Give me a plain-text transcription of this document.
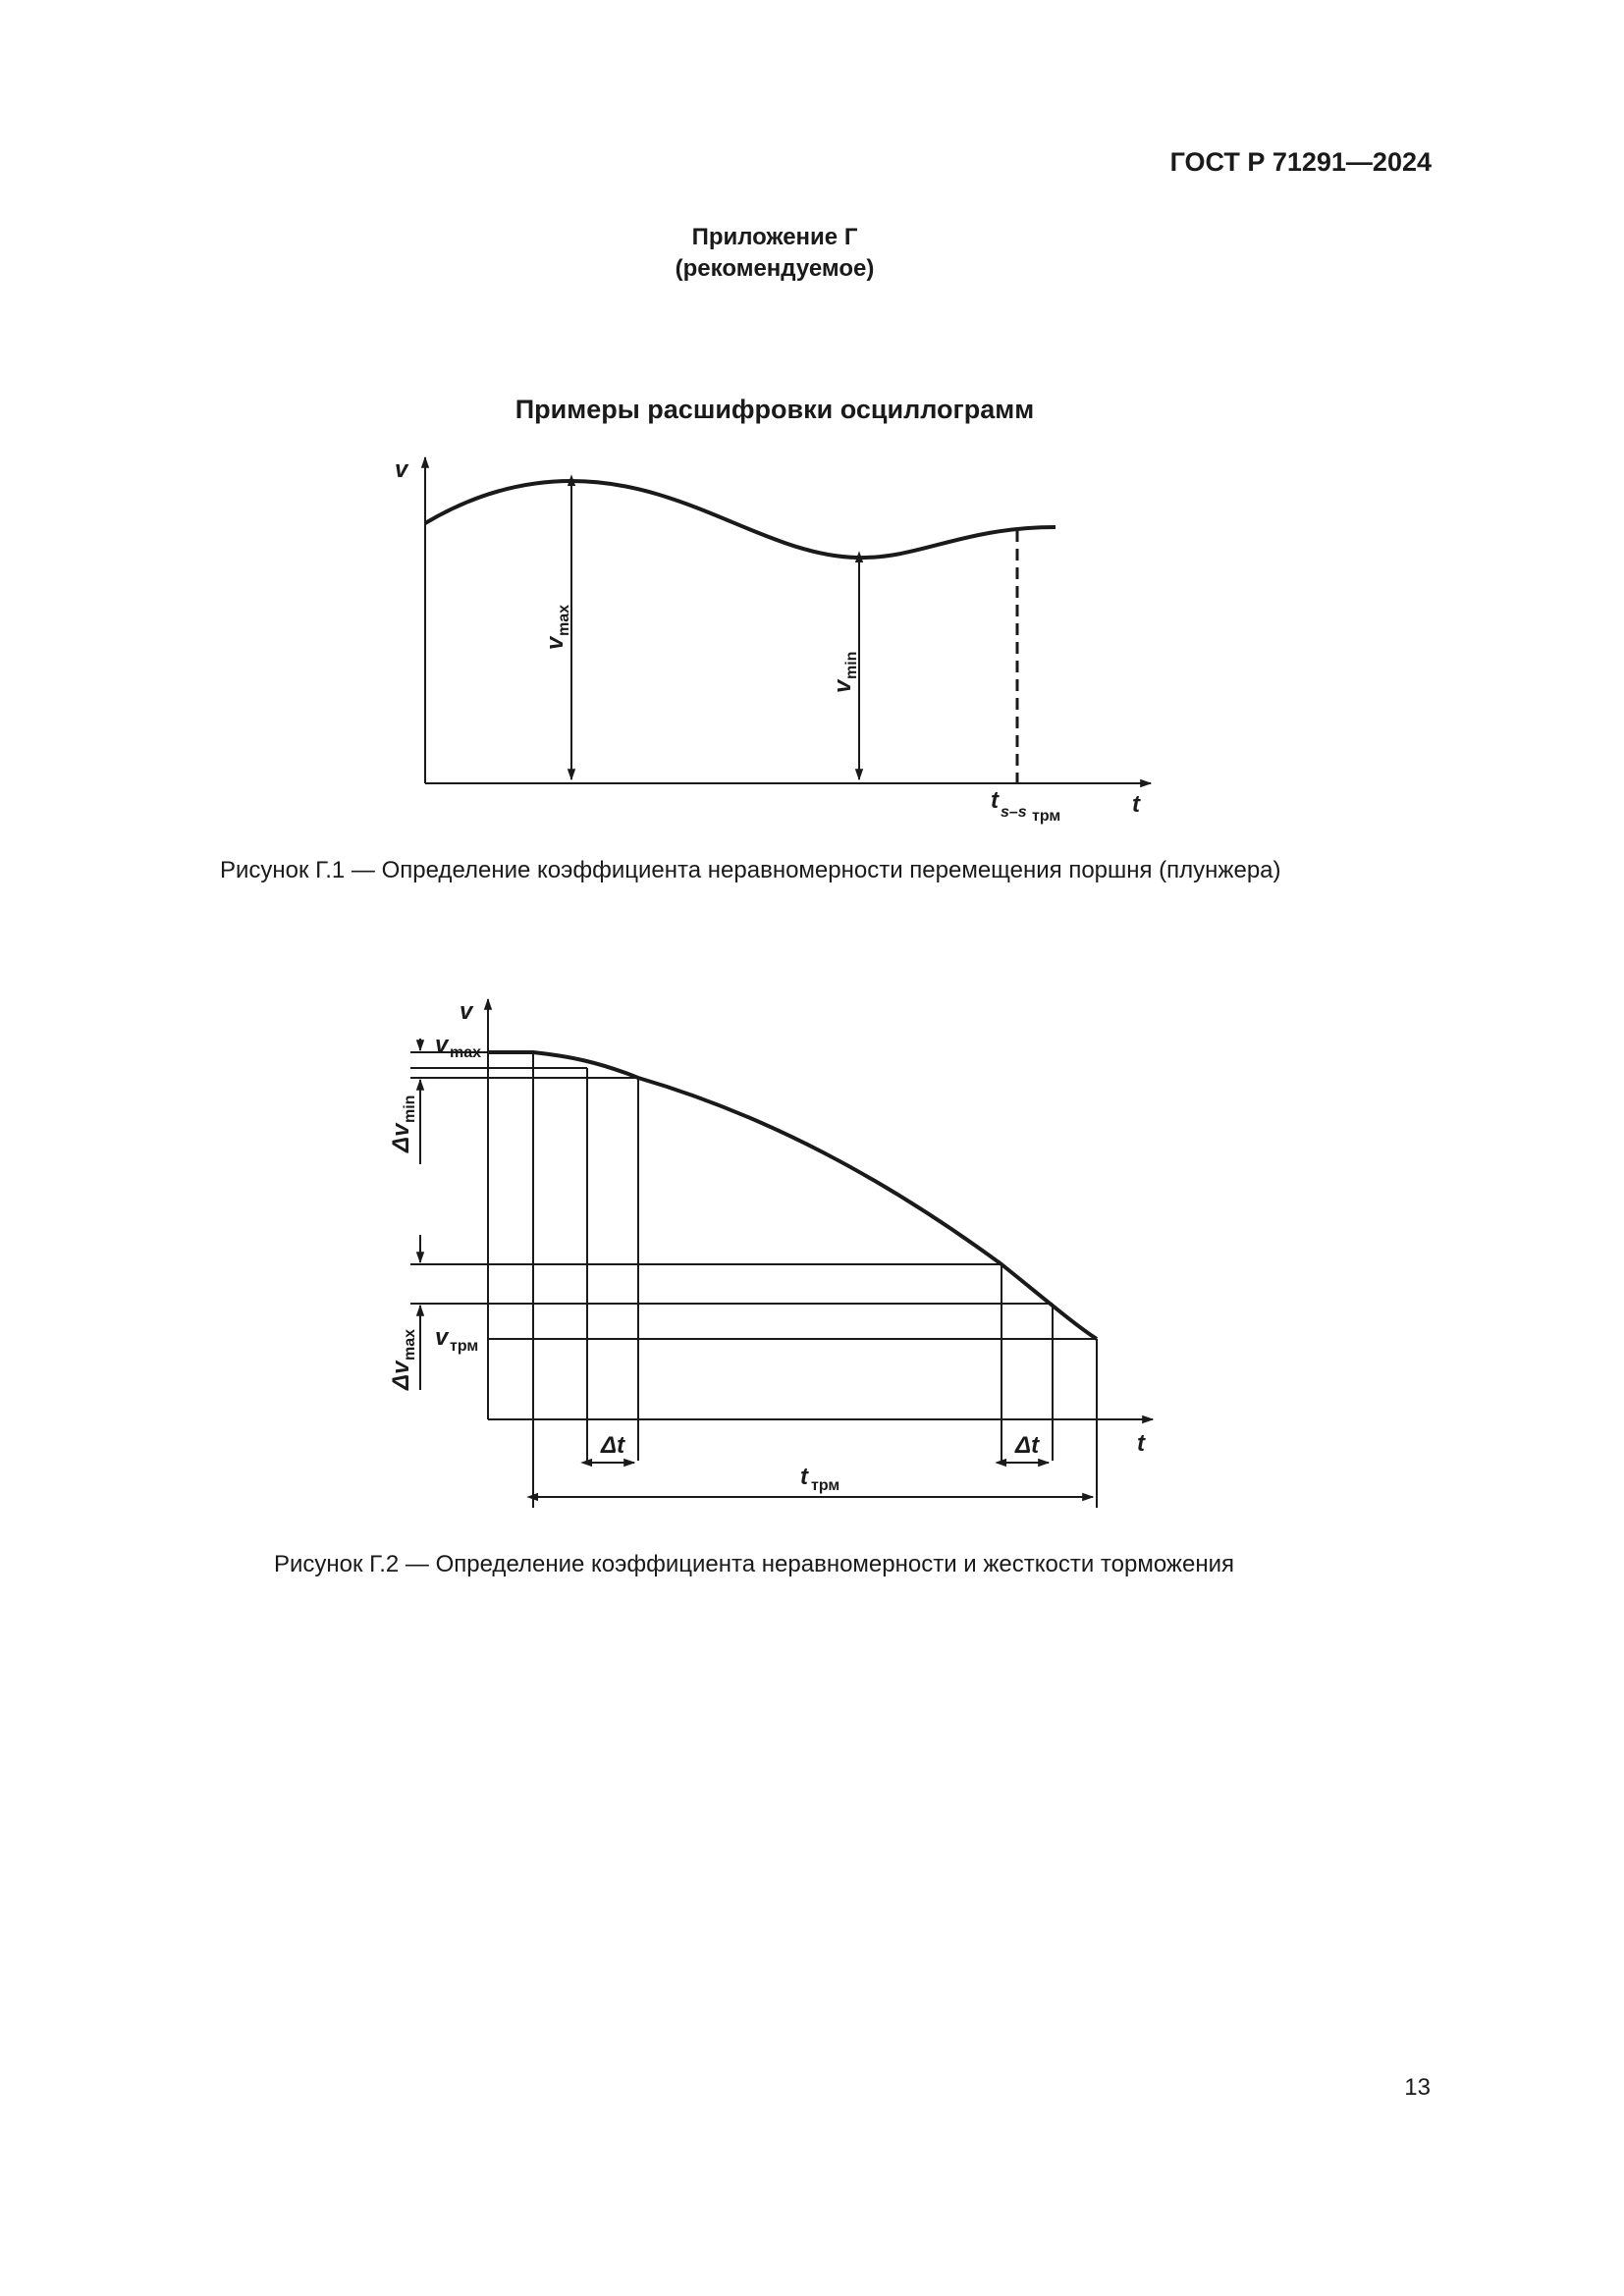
ГОСТ Р 71291—2024
Приложение Г
(рекомендуемое)
Примеры расшифровки осциллограмм
v
t
v
max
v
min
t s–s трм
Рисунок Г.1 — Определение коэффициента неравномерности перемещения поршня (плунжера)
v
t
v max
v трм
Δv
min
Δv
max
Δt	Δt
t трм
Рисунок Г.2 — Определение коэффициента неравномерности и жесткости торможения
13
